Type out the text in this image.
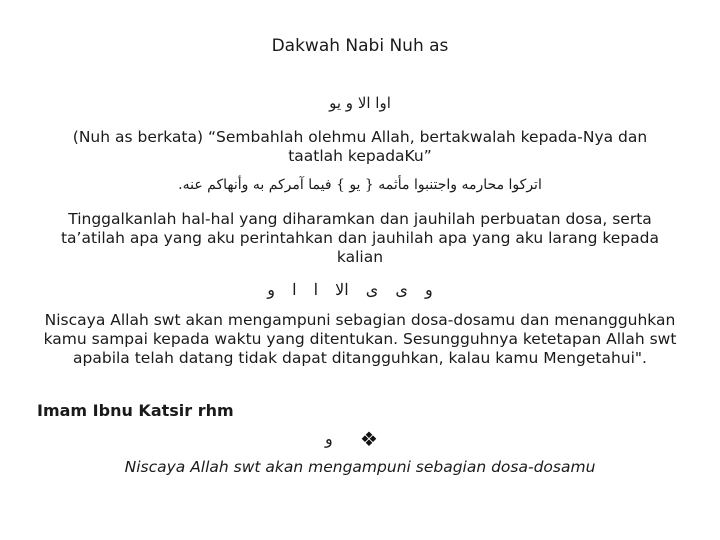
Dakwah Nabi Nuh as
اوا الا و يو
(Nuh as berkata) “Sembahlah olehmu Allah, bertakwalah kepada-Nya dan taatlah kepadaKu”
اتركوا محارمه واجتنبوا مأثمه { يو } فيما آمركم به وأنهاكم عنه.
Tinggalkanlah hal-hal yang diharamkan dan jauhilah perbuatan dosa, serta ta’atilah apa yang aku perintahkan dan jauhilah apa yang aku larang kepada kalian
و ى ى الا ا ا و
Niscaya Allah swt akan mengampuni sebagian dosa-dosamu dan menangguhkan kamu sampai kepada waktu yang ditentukan. Sesungguhnya ketetapan Allah swt apabila telah datang tidak dapat ditangguhkan, kalau kamu Mengetahui".
Imam Ibnu Katsir rhm
❖
و
Niscaya Allah swt akan mengampuni sebagian dosa-dosamu
